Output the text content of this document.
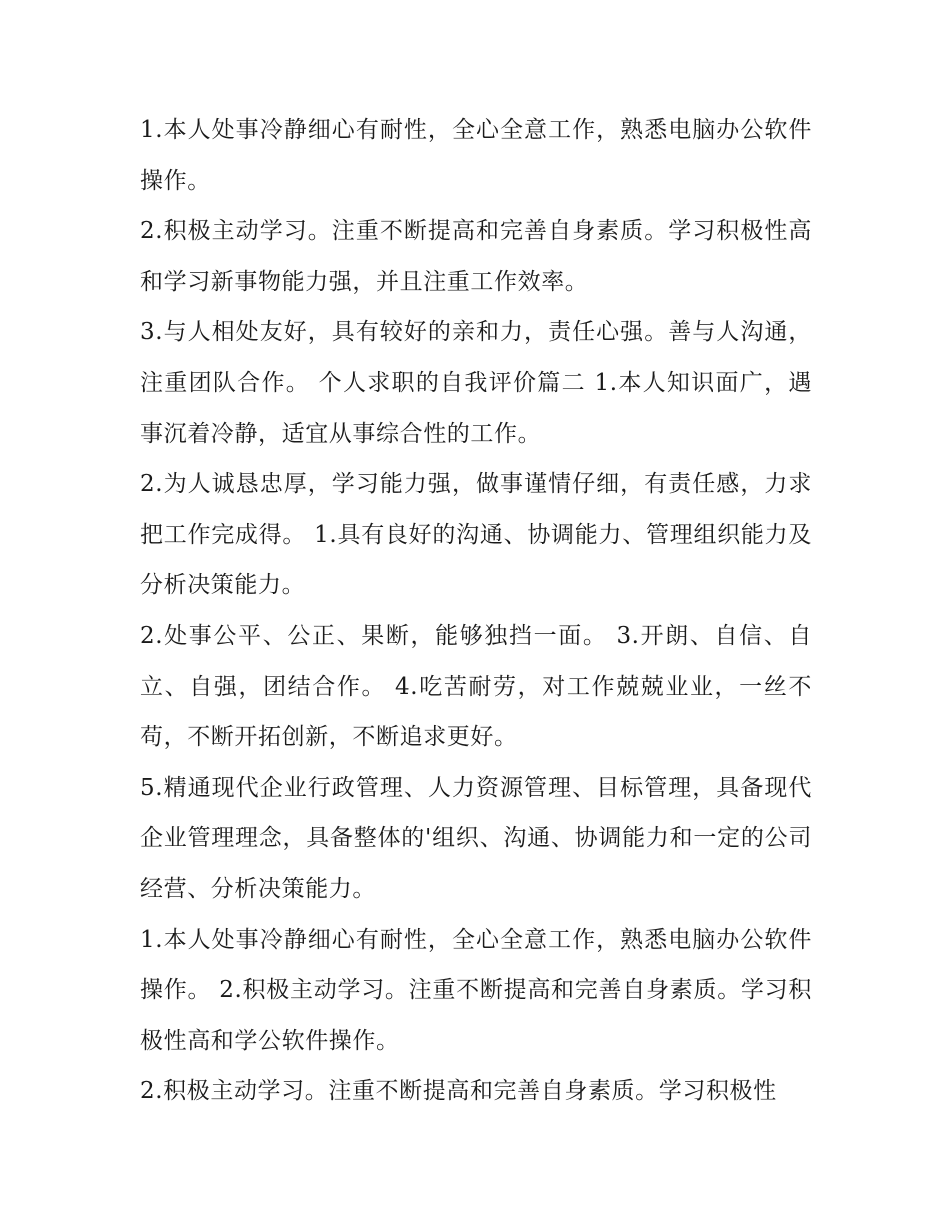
1.本人处事冷静细心有耐性，全心全意工作，熟悉电脑办公软件操作。

2.积极主动学习。注重不断提高和完善自身素质。学习积极性高和学习新事物能力强，并且注重工作效率。

3.与人相处友好，具有较好的亲和力，责任心强。善与人沟通，注重团队合作。 个人求职的自我评价篇二 1.本人知识面广，遇事沉着冷静，适宜从事综合性的工作。

2.为人诚恳忠厚，学习能力强，做事谨情仔细，有责任感，力求把工作完成得。 1.具有良好的沟通、协调能力、管理组织能力及分析决策能力。

2.处事公平、公正、果断，能够独挡一面。 3.开朗、自信、自立、自强，团结合作。 4.吃苦耐劳，对工作兢兢业业，一丝不苟，不断开拓创新，不断追求更好。

5.精通现代企业行政管理、人力资源管理、目标管理，具备现代企业管理理念，具备整体的'组织、沟通、协调能力和一定的公司经营、分析决策能力。

1.本人处事冷静细心有耐性，全心全意工作，熟悉电脑办公软件操作。 2.积极主动学习。注重不断提高和完善自身素质。学习积极性高和学公软件操作。

2.积极主动学习。注重不断提高和完善自身素质。学习积极性
